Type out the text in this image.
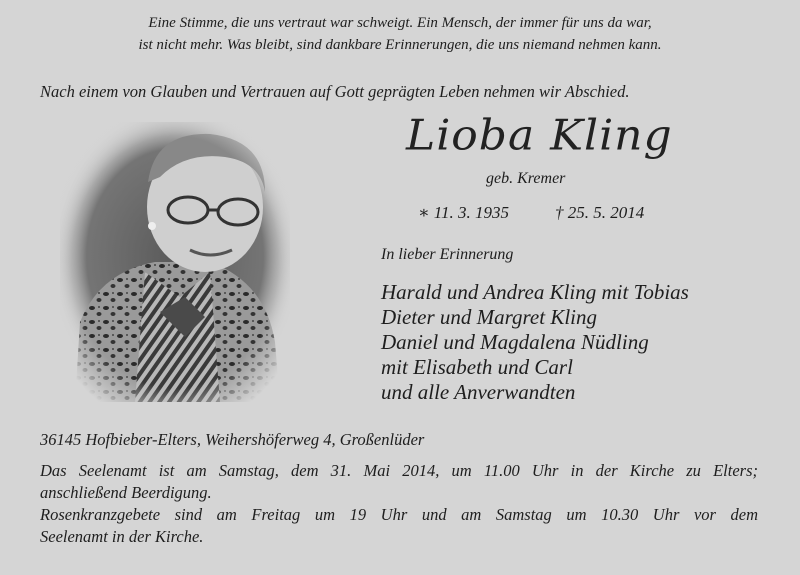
Eine Stimme, die uns vertraut war schweigt. Ein Mensch, der immer für uns da war,
ist nicht mehr. Was bleibt, sind dankbare Erinnerungen, die uns niemand nehmen kann.
Nach einem von Glauben und Vertrauen auf Gott geprägten Leben nehmen wir Abschied.
Lioba Kling
geb. Kremer
∗ 11. 3. 1935	† 25. 5. 2014
In lieber Erinnerung
Harald und Andrea Kling mit Tobias
Dieter und Margret Kling
Daniel und Magdalena Nüdling
mit Elisabeth und Carl
und alle Anverwandten
36145 Hofbieber-Elters, Weihershöferweg 4, Großenlüder
Das Seelenamt ist am Samstag, dem 31. Mai 2014, um 11.00 Uhr in der Kirche zu Elters;
anschließend Beerdigung.
Rosenkranzgebete sind am Freitag um 19 Uhr und am Samstag um 10.30 Uhr vor dem
Seelenamt in der Kirche.
